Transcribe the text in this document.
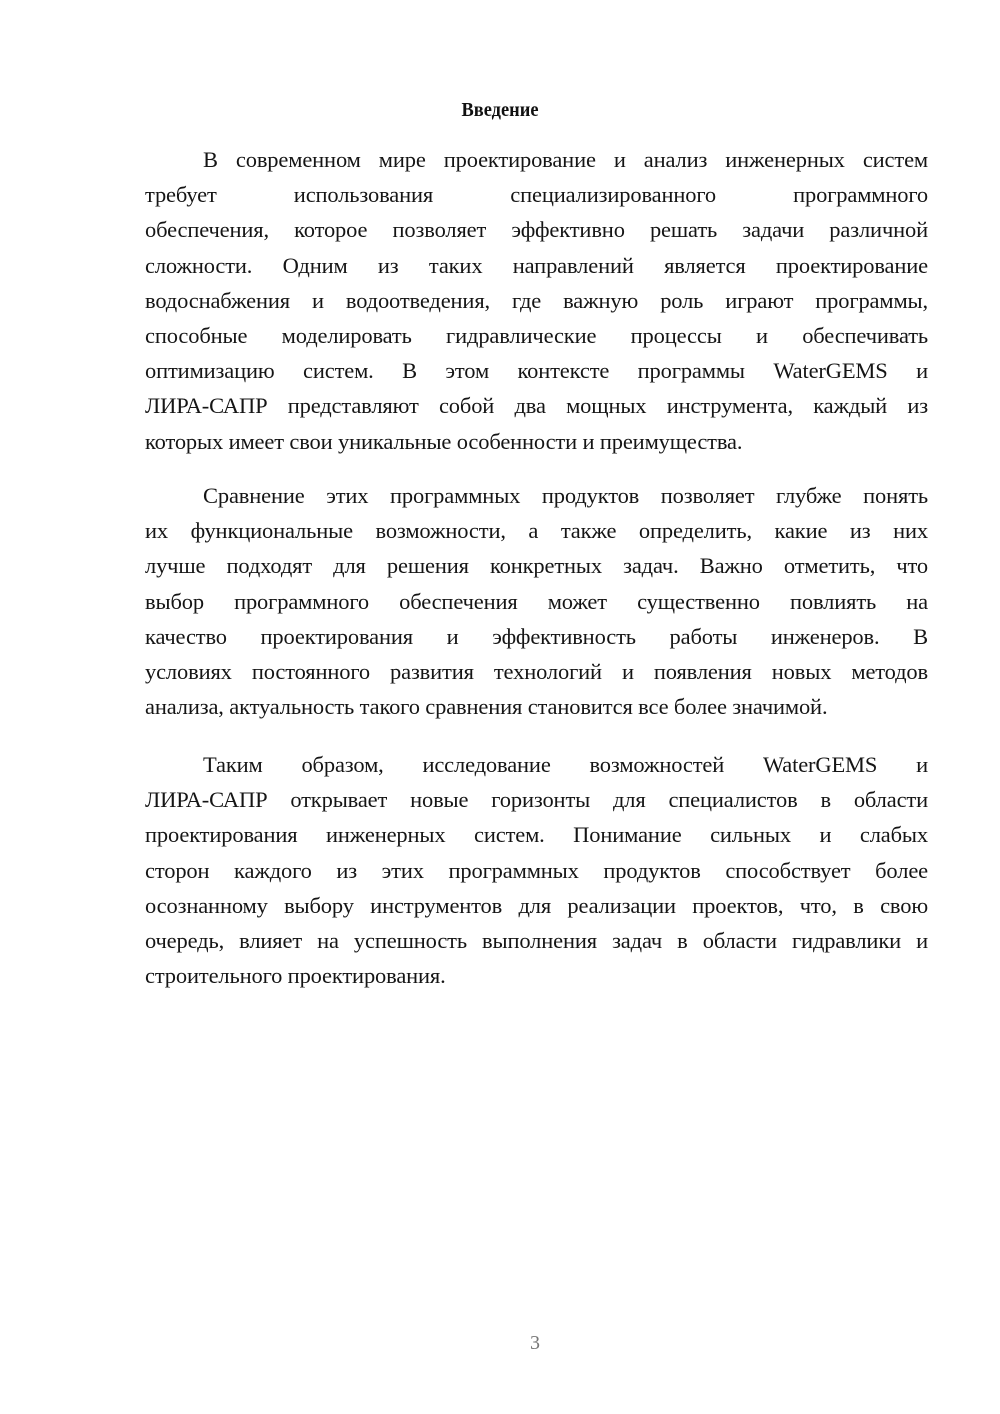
Введение
В современном мире проектирование и анализ инженерных систем
требует использования специализированного программного
обеспечения, которое позволяет эффективно решать задачи различной
сложности. Одним из таких направлений является проектирование
водоснабжения и водоотведения, где важную роль играют программы,
способные моделировать гидравлические процессы и обеспечивать
оптимизацию систем. В этом контексте программы WaterGEMS и
ЛИРА-САПР представляют собой два мощных инструмента, каждый из
которых имеет свои уникальные особенности и преимущества.
Сравнение этих программных продуктов позволяет глубже понять
их функциональные возможности, а также определить, какие из них
лучше подходят для решения конкретных задач. Важно отметить, что
выбор программного обеспечения может существенно повлиять на
качество проектирования и эффективность работы инженеров. В
условиях постоянного развития технологий и появления новых методов
анализа, актуальность такого сравнения становится все более значимой.
Таким образом, исследование возможностей WaterGEMS и
ЛИРА-САПР открывает новые горизонты для специалистов в области
проектирования инженерных систем. Понимание сильных и слабых
сторон каждого из этих программных продуктов способствует более
осознанному выбору инструментов для реализации проектов, что, в свою
очередь, влияет на успешность выполнения задач в области гидравлики и
строительного проектирования.
3
